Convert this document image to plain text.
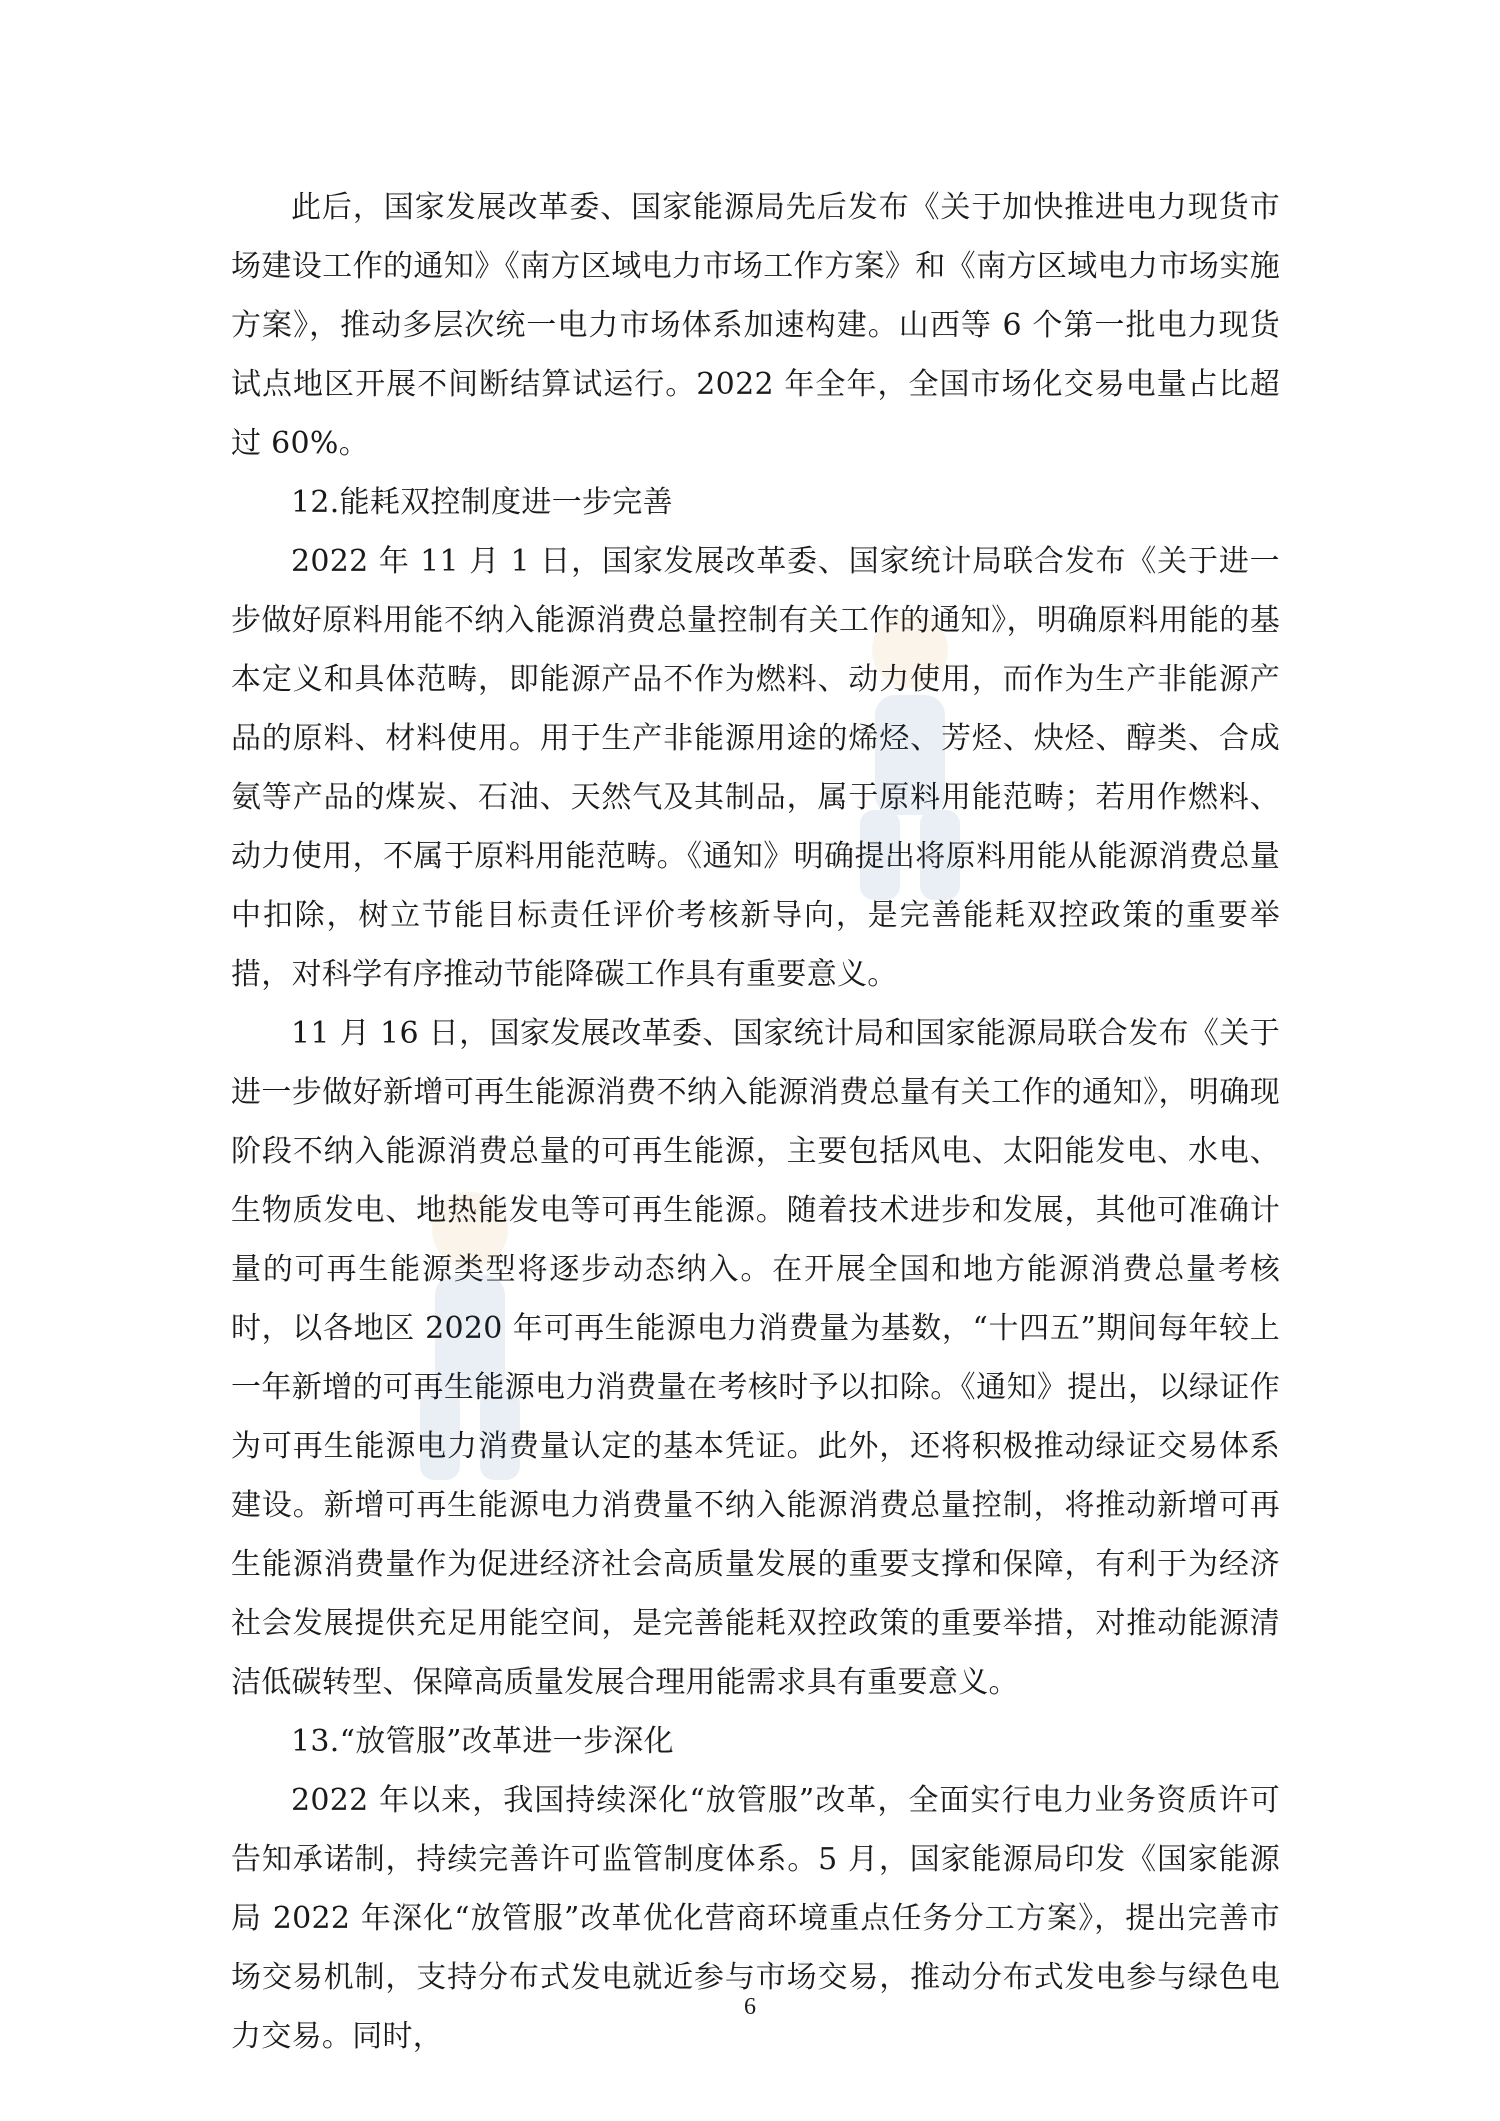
此后，国家发展改革委、国家能源局先后发布《关于加快推进电力现货市场建设工作的通知》《南方区域电力市场工作方案》和《南方区域电力市场实施方案》，推动多层次统一电力市场体系加速构建。山西等 6 个第一批电力现货试点地区开展不间断结算试运行。2022 年全年，全国市场化交易电量占比超过 60%。

12.能耗双控制度进一步完善

2022 年 11 月 1 日，国家发展改革委、国家统计局联合发布《关于进一步做好原料用能不纳入能源消费总量控制有关工作的通知》，明确原料用能的基本定义和具体范畴，即能源产品不作为燃料、动力使用，而作为生产非能源产品的原料、材料使用。用于生产非能源用途的烯烃、芳烃、炔烃、醇类、合成氨等产品的煤炭、石油、天然气及其制品，属于原料用能范畴；若用作燃料、动力使用，不属于原料用能范畴。《通知》明确提出将原料用能从能源消费总量中扣除，树立节能目标责任评价考核新导向，是完善能耗双控政策的重要举措，对科学有序推动节能降碳工作具有重要意义。

11 月 16 日，国家发展改革委、国家统计局和国家能源局联合发布《关于进一步做好新增可再生能源消费不纳入能源消费总量有关工作的通知》，明确现阶段不纳入能源消费总量的可再生能源，主要包括风电、太阳能发电、水电、生物质发电、地热能发电等可再生能源。随着技术进步和发展，其他可准确计量的可再生能源类型将逐步动态纳入。在开展全国和地方能源消费总量考核时，以各地区 2020 年可再生能源电力消费量为基数，“十四五”期间每年较上一年新增的可再生能源电力消费量在考核时予以扣除。《通知》提出，以绿证作为可再生能源电力消费量认定的基本凭证。此外，还将积极推动绿证交易体系建设。新增可再生能源电力消费量不纳入能源消费总量控制，将推动新增可再生能源消费量作为促进经济社会高质量发展的重要支撑和保障，有利于为经济社会发展提供充足用能空间，是完善能耗双控政策的重要举措，对推动能源清洁低碳转型、保障高质量发展合理用能需求具有重要意义。

13.“放管服”改革进一步深化

2022 年以来，我国持续深化“放管服”改革，全面实行电力业务资质许可告知承诺制，持续完善许可监管制度体系。5 月，国家能源局印发《国家能源局 2022 年深化“放管服”改革优化营商环境重点任务分工方案》，提出完善市场交易机制，支持分布式发电就近参与市场交易，推动分布式发电参与绿色电力交易。同时，

6
